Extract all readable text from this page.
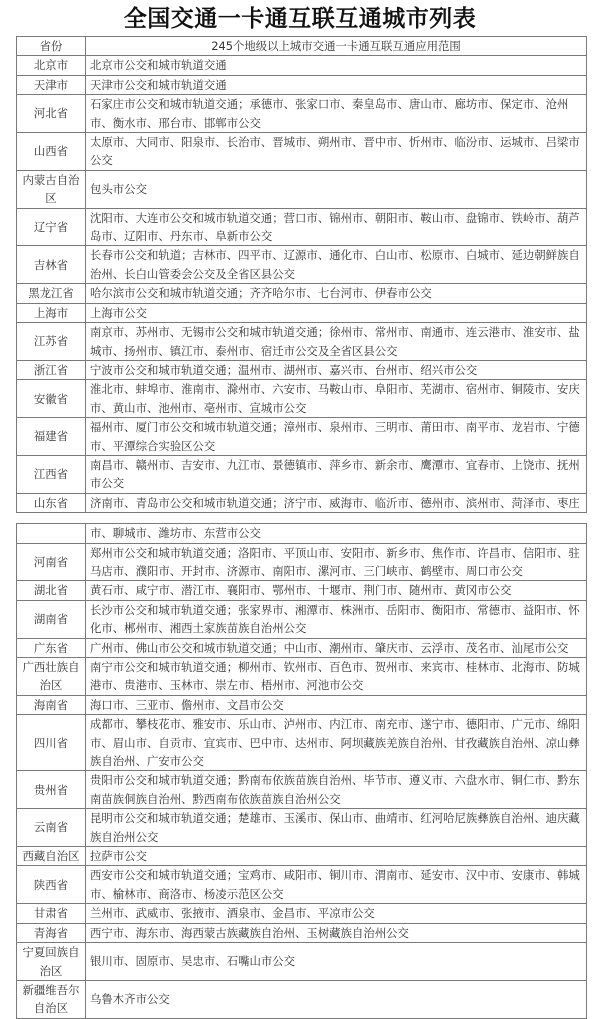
全国交通一卡通互联互通城市列表
省份	245个地级以上城市交通一卡通互联互通应用范围
北京市	北京市公交和城市轨道交通
天津市	天津市公交和城市轨道交通
河北省	石家庄市公交和城市轨道交通；承德市、张家口市、秦皇岛市、唐山市、廊坊市、保定市、沧州市、衡水市、邢台市、邯郸市公交
山西省	太原市、大同市、阳泉市、长治市、晋城市、朔州市、晋中市、忻州市、临汾市、运城市、吕梁市公交
内蒙古自治区	包头市公交
辽宁省	沈阳市、大连市公交和城市轨道交通；营口市、锦州市、朝阳市、鞍山市、盘锦市、铁岭市、葫芦岛市、辽阳市、丹东市、阜新市公交
吉林省	长春市公交和轨道；吉林市、四平市、辽源市、通化市、白山市、松原市、白城市、延边朝鲜族自治州、长白山管委会公交及全省区县公交
黑龙江省	哈尔滨市公交和城市轨道交通；齐齐哈尔市、七台河市、伊春市公交
上海市	上海市公交
江苏省	南京市、苏州市、无锡市公交和城市轨道交通；徐州市、常州市、南通市、连云港市、淮安市、盐城市、扬州市、镇江市、泰州市、宿迁市公交及全省区县公交
浙江省	宁波市公交和城市轨道交通；温州市、湖州市、嘉兴市、台州市、绍兴市公交
安徽省	淮北市、蚌埠市、淮南市、滁州市、六安市、马鞍山市、阜阳市、芜湖市、宿州市、铜陵市、安庆市、黄山市、池州市、亳州市、宣城市公交
福建省	福州市、厦门市公交和城市轨道交通；漳州市、泉州市、三明市、莆田市、南平市、龙岩市、宁德市、平潭综合实验区公交
江西省	南昌市、赣州市、吉安市、九江市、景德镇市、萍乡市、新余市、鹰潭市、宜春市、上饶市、抚州市公交
山东省	济南市、青岛市公交和城市轨道交通；济宁市、威海市、临沂市、德州市、滨州市、菏泽市、枣庄
	市、聊城市、潍坊市、东营市公交
河南省	郑州市公交和城市轨道交通；洛阳市、平顶山市、安阳市、新乡市、焦作市、许昌市、信阳市、驻马店市、濮阳市、开封市、济源市、南阳市、漯河市、三门峡市、鹤壁市、周口市公交
湖北省	黄石市、咸宁市、潜江市、襄阳市、鄂州市、十堰市、荆门市、随州市、黄冈市公交
湖南省	长沙市公交和城市轨道交通；张家界市、湘潭市、株洲市、岳阳市、衡阳市、常德市、益阳市、怀化市、郴州市、湘西土家族苗族自治州公交
广东省	广州市、佛山市公交和城市轨道交通；中山市、潮州市、肇庆市、云浮市、茂名市、汕尾市公交
广西壮族自治区	南宁市公交和城市轨道交通；柳州市、钦州市、百色市、贺州市、来宾市、桂林市、北海市、防城港市、贵港市、玉林市、崇左市、梧州市、河池市公交
海南省	海口市、三亚市、儋州市、文昌市公交
四川省	成都市、攀枝花市、雅安市、乐山市、泸州市、内江市、南充市、遂宁市、德阳市、广元市、绵阳市、眉山市、自贡市、宜宾市、巴中市、达州市、阿坝藏族羌族自治州、甘孜藏族自治州、凉山彝族自治州、广安市公交
贵州省	贵阳市公交和城市轨道交通；黔南布依族苗族自治州、毕节市、遵义市、六盘水市、铜仁市、黔东南苗族侗族自治州、黔西南布依族苗族自治州公交
云南省	昆明市公交和城市轨道交通；楚雄市、玉溪市、保山市、曲靖市、红河哈尼族彝族自治州、迪庆藏族自治州公交
西藏自治区	拉萨市公交
陕西省	西安市公交和城市轨道交通；宝鸡市、咸阳市、铜川市、渭南市、延安市、汉中市、安康市、韩城市、榆林市、商洛市、杨凌示范区公交
甘肃省	兰州市、武威市、张掖市、酒泉市、金昌市、平凉市公交
青海省	西宁市、海东市、海西蒙古族藏族自治州、玉树藏族自治州公交
宁夏回族自治区	银川市、固原市、吴忠市、石嘴山市公交
新疆维吾尔自治区	乌鲁木齐市公交
